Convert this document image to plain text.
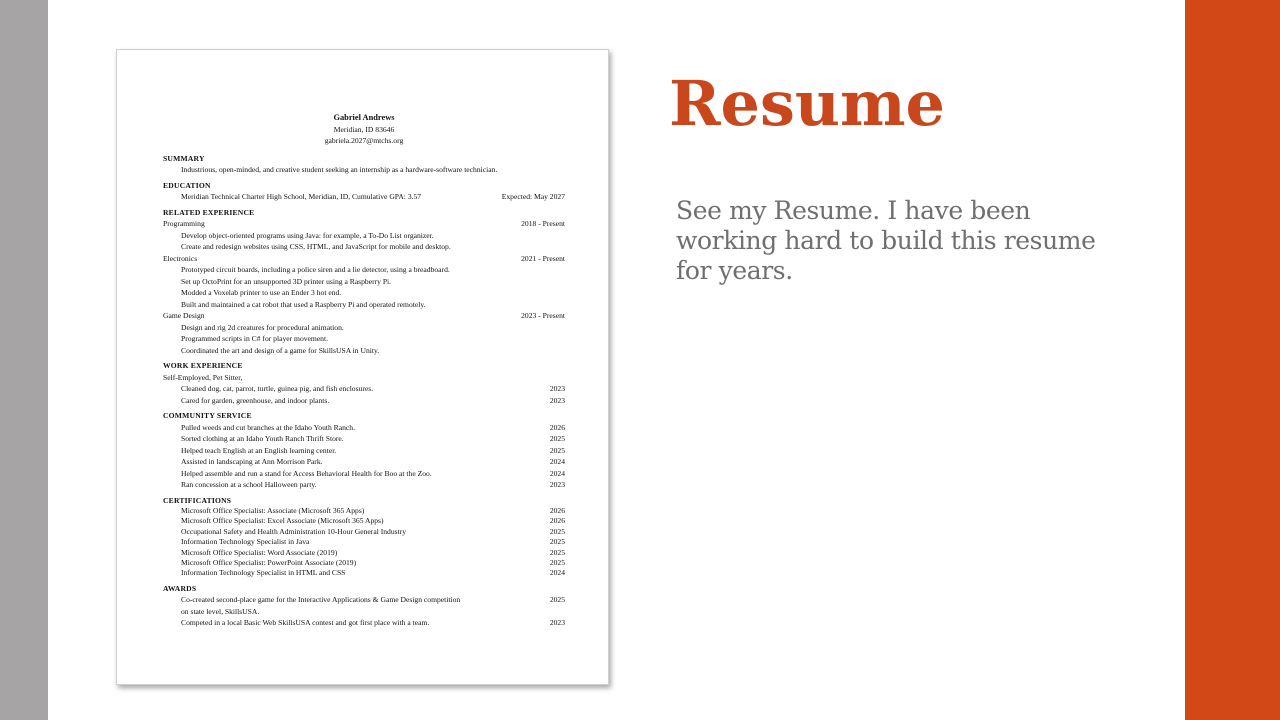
Resume

See my Resume. I have been working hard to build this resume for years.

Gabriel Andrews
Meridian, ID 83646
gabriela.2027@mtchs.org
SUMMARY
Industrious, open-minded, and creative student seeking an internship as a hardware-software technician.
EDUCATION
Meridian Technical Charter High School, Meridian, ID, Cumulative GPA: 3.57	Expected: May 2027
RELATED EXPERIENCE
Programming	2018 - Present
Develop object-oriented programs using Java: for example, a To-Do List organizer.
Create and redesign websites using CSS, HTML, and JavaScript for mobile and desktop.
Electronics	2021 - Present
Prototyped circuit boards, including a police siren and a lie detector, using a breadboard.
Set up OctoPrint for an unsupported 3D printer using a Raspberry Pi.
Modded a Voxelab printer to use an Ender 3 hot end.
Built and maintained a cat robot that used a Raspberry Pi and operated remotely.
Game Design	2023 - Present
Design and rig 2d creatures for procedural animation.
Programmed scripts in C# for player movement.
Coordinated the art and design of a game for SkillsUSA in Unity.
WORK EXPERIENCE
Self-Employed, Pet Sitter,
Cleaned dog, cat, parrot, turtle, guinea pig, and fish enclosures.	2023
Cared for garden, greenhouse, and indoor plants.	2023
COMMUNITY SERVICE
Pulled weeds and cut branches at the Idaho Youth Ranch.	2026
Sorted clothing at an Idaho Youth Ranch Thrift Store.	2025
Helped teach English at an English learning center.	2025
Assisted in landscaping at Ann Morrison Park.	2024
Helped assemble and run a stand for Access Behavioral Health for Boo at the Zoo.	2024
Ran concession at a school Halloween party.	2023
CERTIFICATIONS
Microsoft Office Specialist: Associate (Microsoft 365 Apps)	2026
Microsoft Office Specialist: Excel Associate (Microsoft 365 Apps)	2026
Occupational Safety and Health Administration 10-Hour General Industry	2025
Information Technology Specialist in Java	2025
Microsoft Office Specialist: Word Associate (2019)	2025
Microsoft Office Specialist: PowerPoint Associate (2019)	2025
Information Technology Specialist in HTML and CSS	2024
AWARDS
Co-created second-place game for the Interactive Applications & Game Design competition
on state level, SkillsUSA.
2025
Competed in a local Basic Web SkillsUSA contest and got first place with a team.	2023
